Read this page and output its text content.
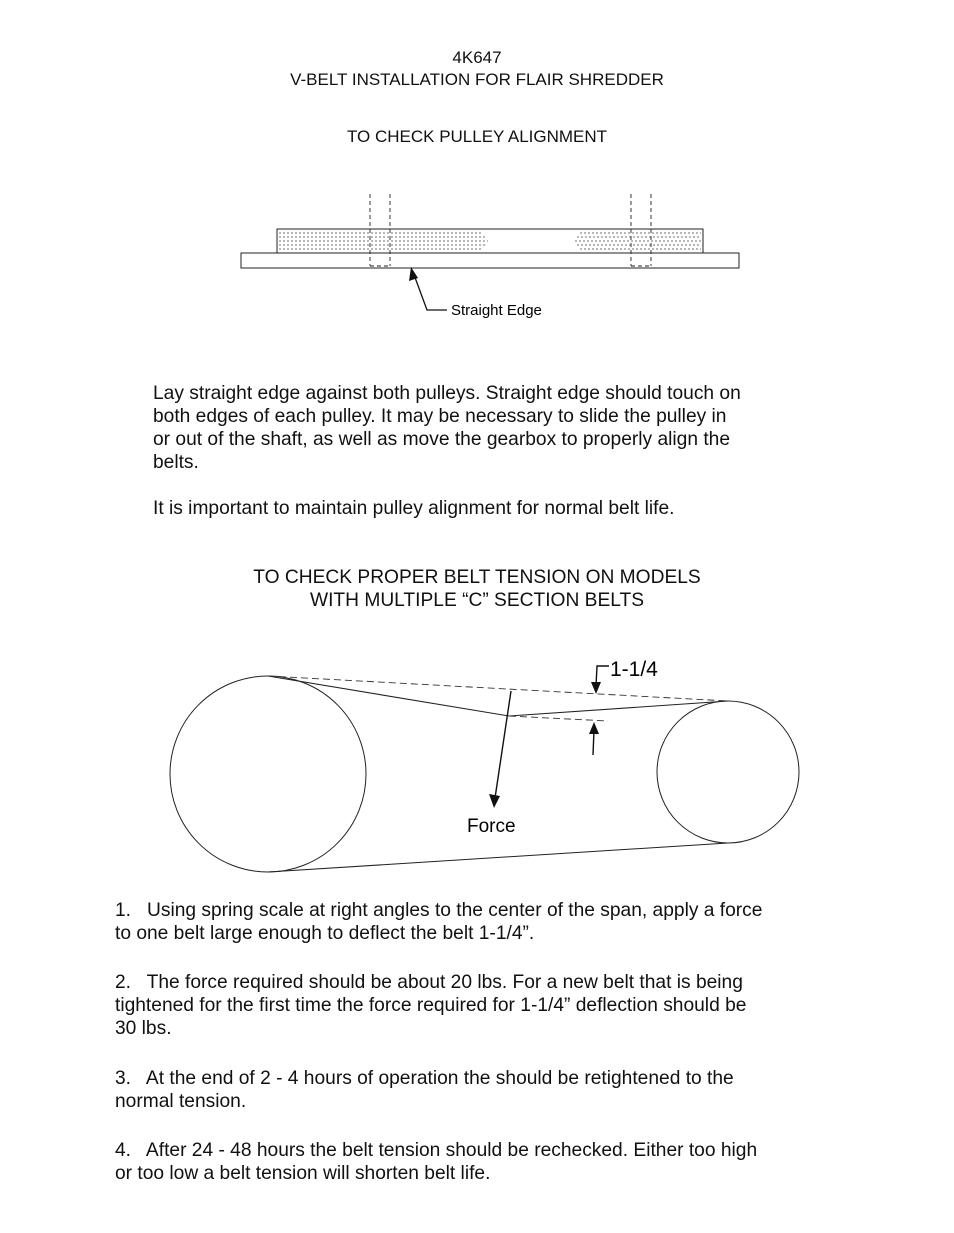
4K647
V-BELT INSTALLATION FOR FLAIR SHREDDER
TO CHECK PULLEY ALIGNMENT
Straight Edge
1-1/4
Force
Lay straight edge against both pulleys. Straight edge should touch on
both edges of each pulley. It may be necessary to slide the pulley in
or out of the shaft, as well as move the gearbox to properly align the
belts.
It is important to maintain pulley alignment for normal belt life.
TO CHECK PROPER BELT TENSION ON MODELS
WITH MULTIPLE “C” SECTION BELTS
1.   Using spring scale at right angles to the center of the span, apply a force
to one belt large enough to deflect the belt 1-1/4”.
2.   The force required should be about 20 lbs. For a new belt that is being
tightened for the first time the force required for 1-1/4” deflection should be
30 lbs.
3.   At the end of 2 - 4 hours of operation the should be retightened to the
normal tension.
4.   After 24 - 48 hours the belt tension should be rechecked. Either too high
or too low a belt tension will shorten belt life.
